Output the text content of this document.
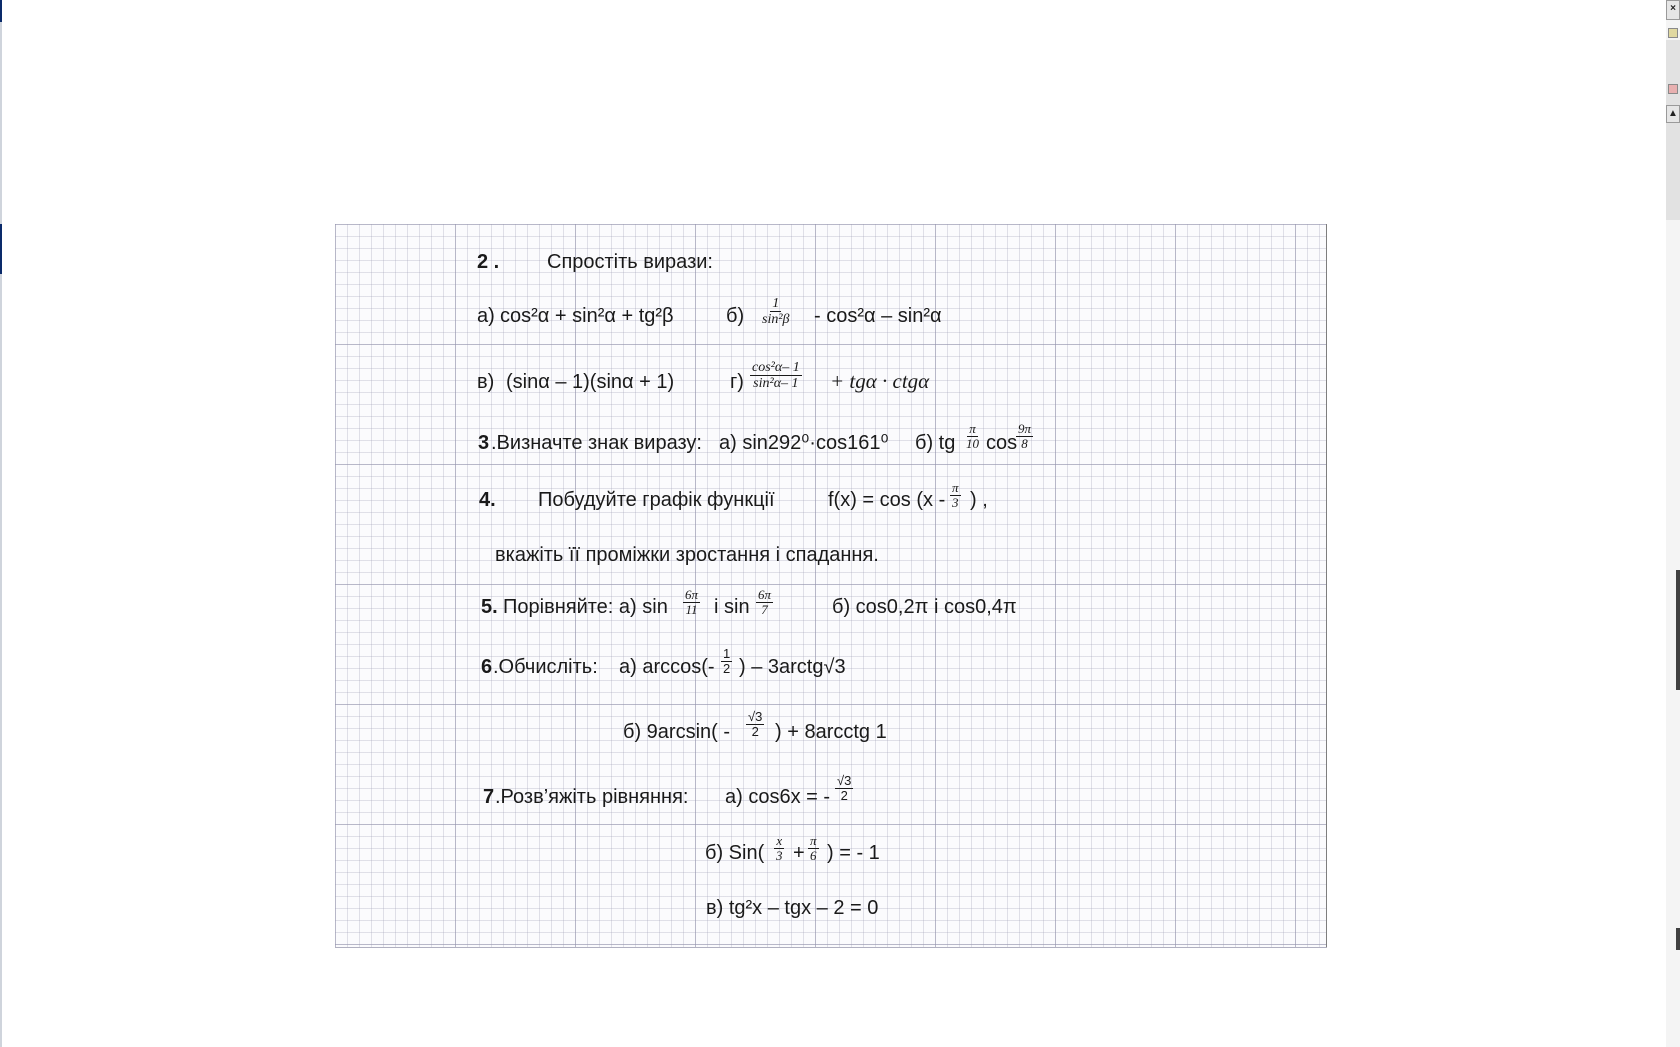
×
▲
2 . Спростіть вирази:
а) cos²α + sin²α + tg²β	$б) \frac{1}{\text{sin²β}} - \cos^2\alpha - \sin^2\alpha$
в) (sinα – 1)(sinα + 1)	$г) \frac{\text{cos²α– 1}}{\text{sin²α– 1}} + tg\alpha \cdot ctg\alpha$
3 .Визначте знак виразу: а) sin292⁰·cos161⁰ б) tg $\frac{\pi}{10}$ cos
$\frac{9\pi}{8}$
4. Побудуйте графік функції	$f(x) = \cos (x - \frac{\pi}{3}$ ) ,
вкажіть її проміжки зростання і спадання.
5. Порівняйте: а) $\sin \frac{6\pi}{11}$ і $\sin \frac{6\pi}{7}$	б) cos0,2π і cos0,4π
6 .Обчисліть: а) $\arccos(- \frac{1}{2}$ ) – 3arctg√3
б) $9\arcsin( - \frac{√3}{2}$ ) + 8arcctg 1
7 .Розв’яжіть рівняння: а) cos6x = - $\frac{√3}{2}$
б) $Sin( \frac{x}{3} + \frac{\pi}{6}$ ) = - 1
в) tg²x – tgx – 2 = 0
